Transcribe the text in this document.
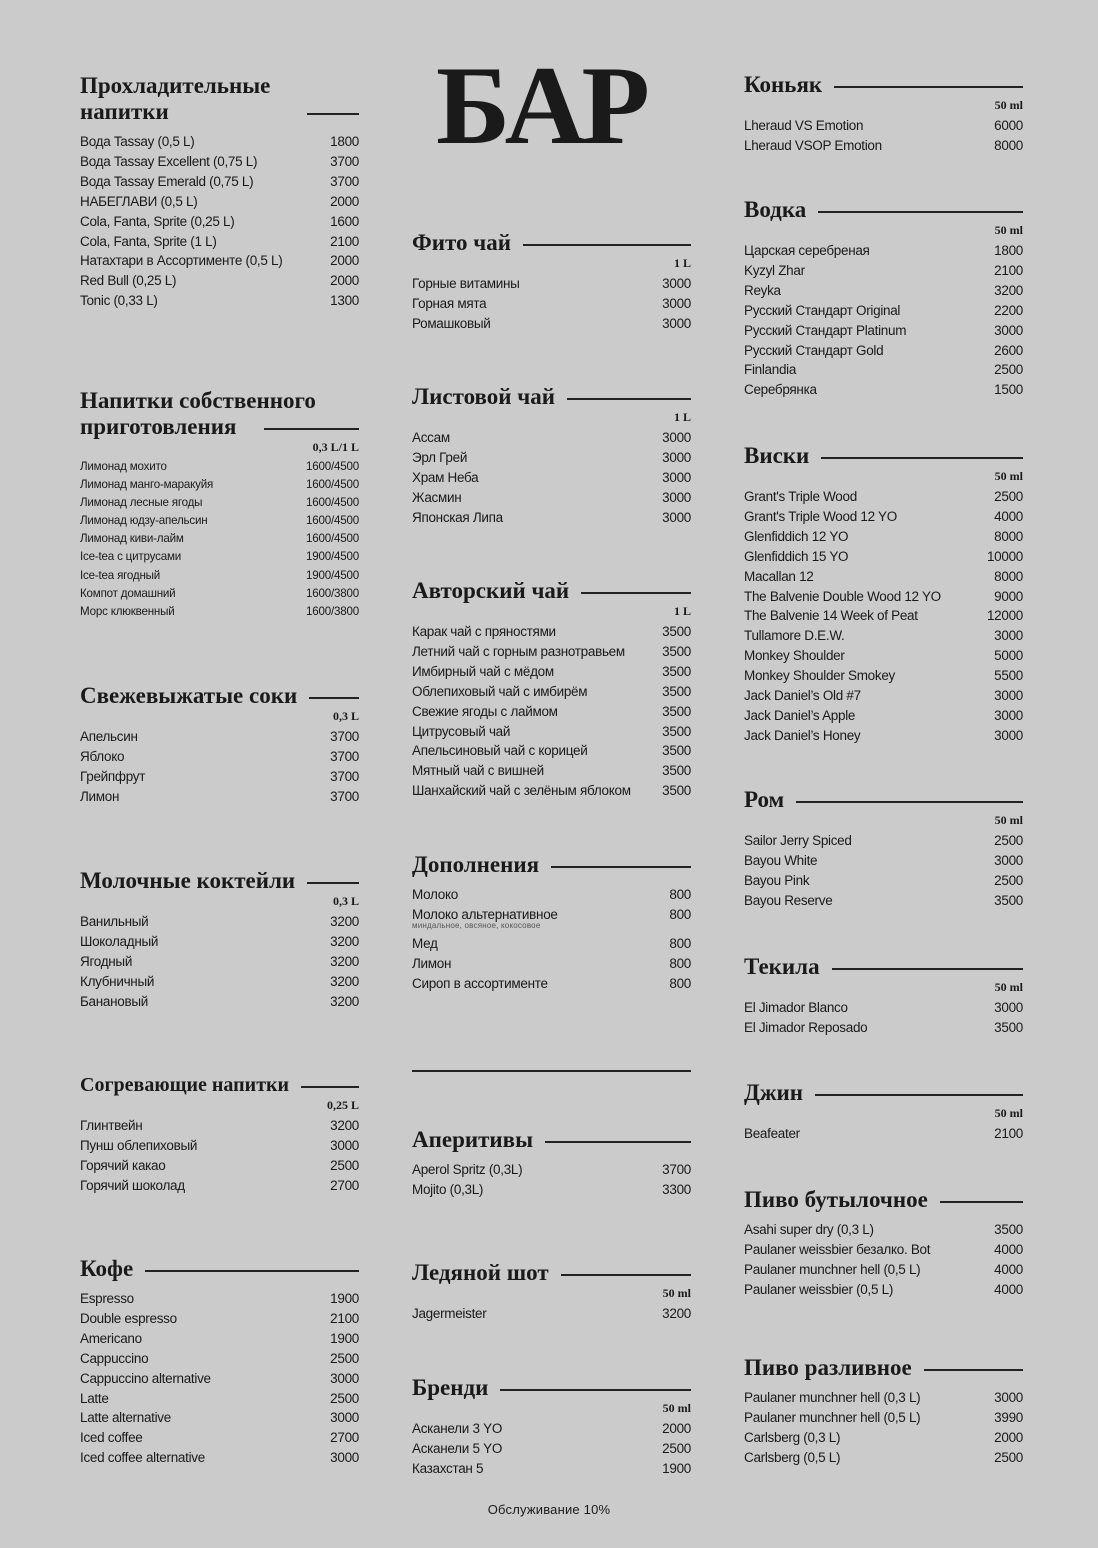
БАР
Прохладительные напитки
Вода Tassay (0,5 L)	1800
Вода Tassay Excellent (0,75 L)	3700
Вода Tassay Emerald (0,75 L)	3700
НАБЕГЛАВИ (0,5 L)	2000
Cola, Fanta, Sprite (0,25 L)	1600
Cola, Fanta, Sprite (1 L)	2100
Натахтари в Ассортименте (0,5 L)	2000
Red Bull (0,25 L)	2000
Tonic (0,33 L)	1300
Напитки собственного приготовления
0,3 L/1 L
Лимонад мохито	1600/4500
Лимонад манго-маракуйя	1600/4500
Лимонад лесные ягоды	1600/4500
Лимонад юдзу-апельсин	1600/4500
Лимонад киви-лайм	1600/4500
Ice-tea с цитрусами	1900/4500
Ice-tea ягодный	1900/4500
Компот домашний	1600/3800
Морс клюквенный	1600/3800
Свежевыжатые соки
0,3 L
Апельсин	3700
Яблоко	3700
Грейпфрут	3700
Лимон	3700
Молочные коктейли
0,3 L
Ванильный	3200
Шоколадный	3200
Ягодный	3200
Клубничный	3200
Банановый	3200
Согревающие напитки
0,25 L
Глинтвейн	3200
Пунш облепиховый	3000
Горячий какао	2500
Горячий шоколад	2700
Кофе
Espresso	1900
Double espresso	2100
Americano	1900
Cappuccino	2500
Cappuccino alternative	3000
Latte	2500
Latte alternative	3000
Iced coffee	2700
Iced coffee alternative	3000
Фито чай
1 L
Горные витамины	3000
Горная мята	3000
Ромашковый	3000
Листовой чай
1 L
Ассам	3000
Эрл Грей	3000
Храм Неба	3000
Жасмин	3000
Японская Липа	3000
Авторский чай
1 L
Карак чай с пряностями	3500
Летний чай с горным разнотравьем	3500
Имбирный чай с мёдом	3500
Облепиховый чай с имбирём	3500
Свежие ягоды с лаймом	3500
Цитрусовый чай	3500
Апельсиновый чай с корицей	3500
Мятный чай с вишней	3500
Шанхайский чай с зелёным яблоком 3500
Дополнения
Молоко	800
Молоко альтернативное	800
миндальное, овсяное, кокосовое
Мед	800
Лимон	800
Сироп в ассортименте	800
Аперитивы
Aperol Spritz (0,3L)	3700
Mojito (0,3L)	3300
Ледяной шот
50 ml
Jagermeister	3200
Бренди
50 ml
Асканели 3 YO	2000
Асканели 5 YO	2500
Казахстан 5	1900
Коньяк
50 ml
Lheraud VS Emotion	6000
Lheraud VSOP Emotion	8000
Водка
50 ml
Царская серебреная	1800
Kyzyl Zhar	2100
Reyka	3200
Русский Стандарт Original	2200
Русский Стандарт Platinum	3000
Русский Стандарт Gold	2600
Finlandia	2500
Серебрянка	1500
Виски
50 ml
Grant's Triple Wood	2500
Grant's Triple Wood 12 YO	4000
Glenfiddich 12 YO	8000
Glenfiddich 15 YO	10000
Macallan 12	8000
The Balvenie Double Wood 12 YO	9000
The Balvenie 14 Week of Peat	12000
Tullamore D.E.W.	3000
Monkey Shoulder	5000
Monkey Shoulder Smokey	5500
Jack Daniel’s Old #7	3000
Jack Daniel’s Apple	3000
Jack Daniel’s Honey	3000
Ром
50 ml
Sailor Jerry Spiced	2500
Bayou White	3000
Bayou Pink	2500
Bayou Reserve	3500
Текила
50 ml
El Jimador Blanco	3000
El Jimador Reposado	3500
Джин
50 ml
Beafeater	2100
Пиво бутылочное
Asahi super dry (0,3 L)	3500
Paulaner weissbier безалко. Bot	4000
Paulaner munchner hell (0,5 L)	4000
Paulaner weissbier (0,5 L)	4000
Пиво разливное
Paulaner munchner hell (0,3 L)	3000
Paulaner munchner hell (0,5 L)	3990
Carlsberg (0,3 L)	2000
Carlsberg (0,5 L)	2500
Обслуживание 10%
